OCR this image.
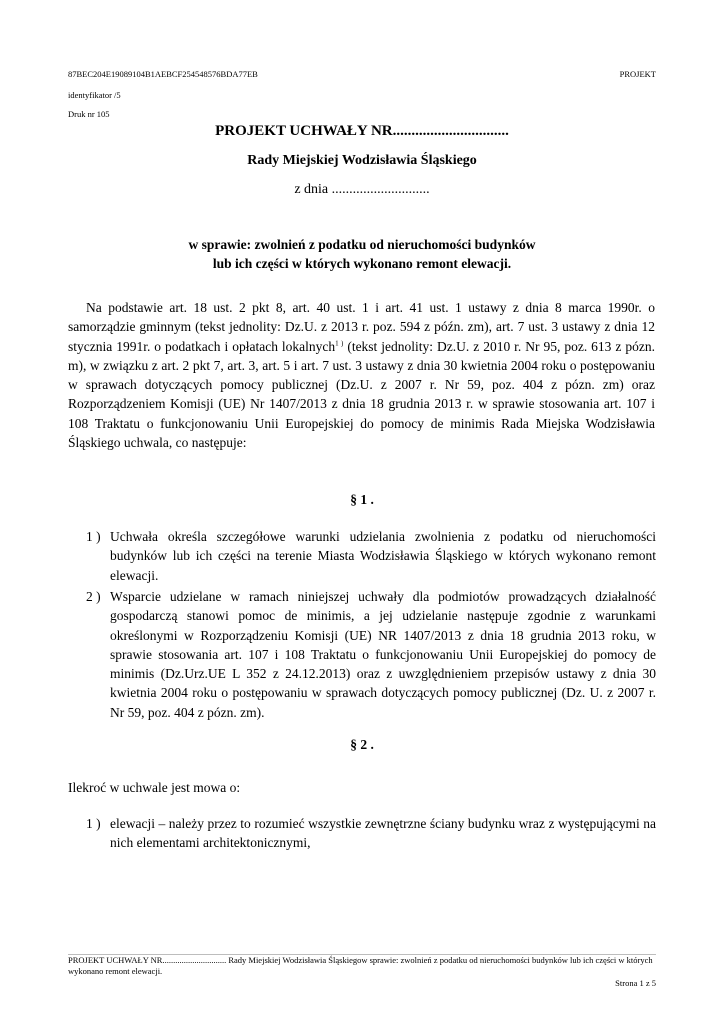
87BEC204E19089104B1AEBCF254548576BDA77EB	PROJEKT
identyfikator /5
Druk nr 105
PROJEKT UCHWAŁY NR...............................
Rady Miejskiej Wodzisławia Śląskiego
z dnia ............................
w sprawie: zwolnień z podatku od nieruchomości budynków
lub ich części w których wykonano remont elewacji.
Na podstawie art. 18 ust. 2 pkt 8, art. 40 ust. 1 i art. 41 ust. 1 ustawy z dnia 8 marca 1990r. o samorządzie gminnym (tekst jednolity: Dz.U. z 2013 r. poz. 594 z późn. zm), art. 7 ust. 3 ustawy z dnia 12 stycznia 1991r. o podatkach i opłatach lokalnych$^{1 )}$ (tekst jednolity: Dz.U. z 2010 r. Nr 95, poz. 613 z pózn. m), w związku z art. 2 pkt 7, art. 3, art. 5 i art. 7 ust. 3 ustawy z dnia 30 kwietnia 2004 roku o postępowaniu w sprawach dotyczących pomocy publicznej (Dz.U. z 2007 r. Nr 59, poz. 404 z pózn. zm) oraz Rozporządzeniem Komisji (UE) Nr 1407/2013 z dnia 18 grudnia 2013 r. w sprawie stosowania art. 107 i 108 Traktatu o funkcjonowaniu Unii Europejskiej do pomocy de minimis Rada Miejska Wodzisławia Śląskiego uchwala, co następuje:
§ 1 .
1 ) Uchwała określa szczegółowe warunki udzielania zwolnienia z podatku od nieruchomości budynków lub ich części na terenie Miasta Wodzisławia Śląskiego w których wykonano remont elewacji.
2 ) Wsparcie udzielane w ramach niniejszej uchwały dla podmiotów prowadzących działalność gospodarczą stanowi pomoc de minimis, a jej udzielanie następuje zgodnie z warunkami określonymi w Rozporządzeniu Komisji (UE) NR 1407/2013 z dnia 18 grudnia 2013 roku, w sprawie stosowania art. 107 i 108 Traktatu o funkcjonowaniu Unii Europejskiej do pomocy de minimis (Dz.Urz.UE L 352 z 24.12.2013) oraz z uwzględnieniem przepisów ustawy z dnia 30 kwietnia 2004 roku o postępowaniu w sprawach dotyczących pomocy publicznej (Dz. U. z 2007 r. Nr 59, poz. 404 z pózn. zm).
§ 2 .
Ilekroć w uchwale jest mowa o:
1 ) elewacji – należy przez to rozumieć wszystkie zewnętrzne ściany budynku wraz z występującymi na nich elementami architektonicznymi,
PROJEKT UCHWAŁY NR.............................. Rady Miejskiej Wodzisławia Śląskiegow sprawie: zwolnień z podatku od nieruchomości budynków lub ich części w których wykonano remont elewacji.
Strona 1 z 5
